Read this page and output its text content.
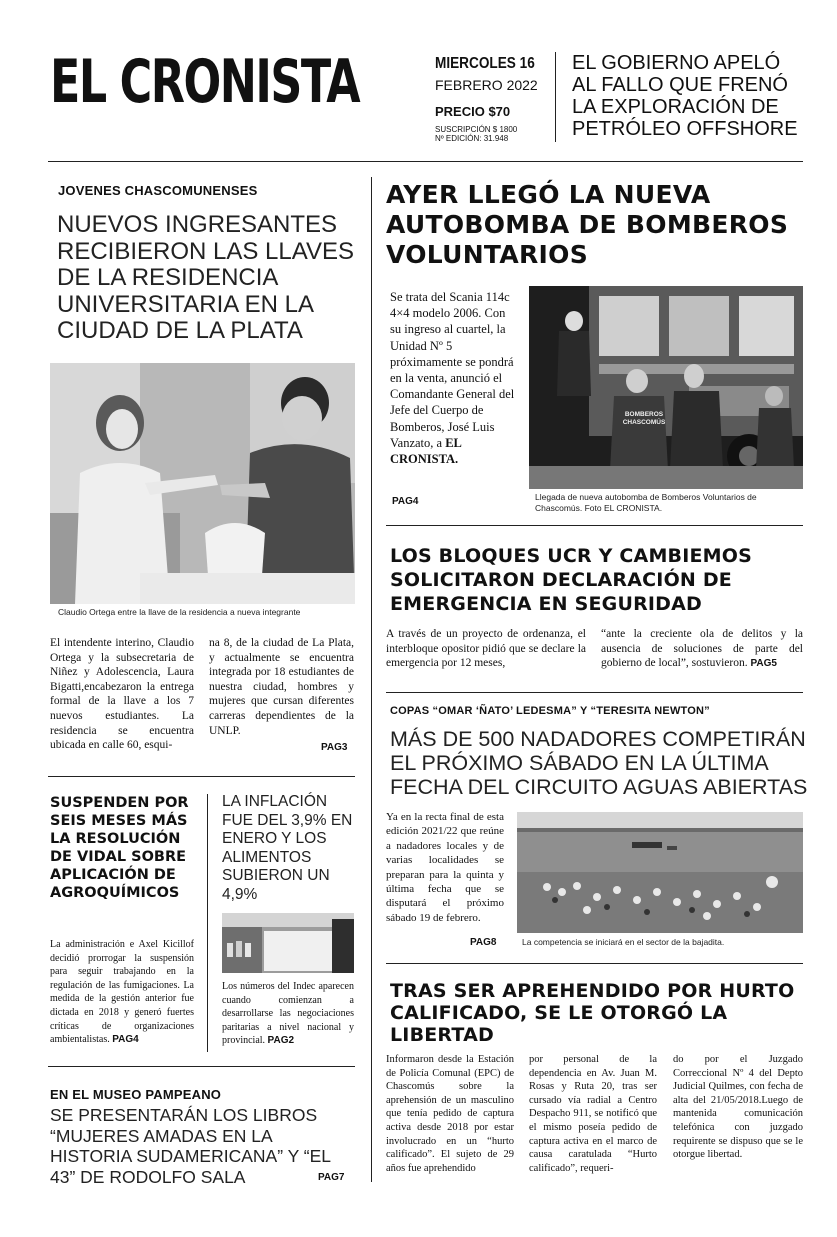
EL CRONISTA	MIERCOLES 16
FEBRERO 2022
PRECIO $70
SUSCRIPCIÓN $ 1800
Nº EDICIÓN: 31.948
EL GOBIERNO APELÓ AL FALLO QUE FRENÓ LA EXPLORACIÓN DE PETRÓLEO OFFSHORE
JOVENES CHASCOMUNENSES
NUEVOS INGRESANTES RECIBIERON LAS LLAVES DE LA RESIDENCIA UNIVERSITARIA EN LA CIUDAD DE LA PLATA
Claudio Ortega entre la llave de la residencia a nueva integrante
El intendente interino, Claudio Ortega y la subsecretaria de Niñez y Adolescencia, Laura Bigatti,encabezaron la entrega formal de la llave a los 7 nuevos estudiantes. La residencia se encuentra ubicada en calle 60, esqui-
na 8, de la ciudad de La Plata, y actualmente se encuentra integrada por 18 estudiantes de nuestra ciudad, hombres y mujeres que cursan diferentes carreras dependientes de la UNLP.
PAG3
SUSPENDEN POR SEIS MESES MÁS LA RESOLUCIÓN DE VIDAL SOBRE APLICACIÓN DE AGROQUÍMICOS
La administración e Axel Kicillof decidió prorrogar la suspensión para seguir trabajando en la regulación de las fumigaciones. La medida de la gestión anterior fue dictada en 2018 y generó fuertes críticas de organizaciones ambientalistas. PAG4
LA INFLACIÓN FUE DEL 3,9% EN ENERO Y LOS ALIMENTOS SUBIERON UN 4,9%
Los números del Indec aparecen cuando comienzan a desarrollarse las negociaciones paritarias a nivel nacional y provincial. PAG2
EN EL MUSEO PAMPEANO
SE PRESENTARÁN LOS LIBROS “MUJERES AMADAS EN LA HISTORIA SUDAMERICANA” Y “EL 43” DE RODOLFO SALA	PAG7
AYER LLEGÓ LA NUEVA AUTOBOMBA DE BOMBEROS VOLUNTARIOS
Se trata del Scania 114c 4×4 modelo 2006. Con su ingreso al cuartel, la Unidad Nº 5 próximamente se pondrá en la venta, anunció el Comandante General del Jefe del Cuerpo de Bomberos, José Luis Vanzato, a EL CRONISTA.
PAG4
BOMBEROS CHASCOMÚS
Llegada de nueva autobomba de Bomberos Voluntarios de Chascomús. Foto EL CRONISTA.
LOS BLOQUES UCR Y CAMBIEMOS SOLICITARON DECLARACIÓN DE EMERGENCIA EN SEGURIDAD
A través de un proyecto de ordenanza, el interbloque opositor pidió que se declare la emergencia por 12 meses,
“ante la creciente ola de delitos y la ausencia de soluciones de parte del gobierno de local”, sostuvieron. PAG5
COPAS “OMAR ‘ÑATO’ LEDESMA” Y “TERESITA NEWTON”
MÁS DE 500 NADADORES COMPETIRÁN EL PRÓXIMO SÁBADO EN LA ÚLTIMA FECHA DEL CIRCUITO AGUAS ABIERTAS
Ya en la recta final de esta edición 2021/22 que reúne a nadadores locales y de varias localidades se preparan para la quinta y última fecha que se disputará el próximo sábado 19 de febrero.
PAG8	La competencia se iniciará en el sector de la bajadita.
TRAS SER APREHENDIDO POR HURTO CALIFICADO, SE LE OTORGÓ LA LIBERTAD
Informaron desde la Estación de Policía Comunal (EPC) de Chascomús sobre la aprehensión de un masculino que tenía pedido de captura activa desde 2018 por estar involucrado en un “hurto calificado”. El sujeto de 29 años fue aprehendido
por personal de la dependencia en Av. Juan M. Rosas y Ruta 20, tras ser cursado vía radial a Centro Despacho 911, se notificó que el mismo poseía pedido de captura activa en el marco de causa caratulada “Hurto calificado”, requeri-
do por el Juzgado Correccional Nº 4 del Depto Judicial Quilmes, con fecha de alta del 21/05/2018.Luego de mantenida comunicación telefónica con juzgado requirente se dispuso que se le otorgue libertad.
